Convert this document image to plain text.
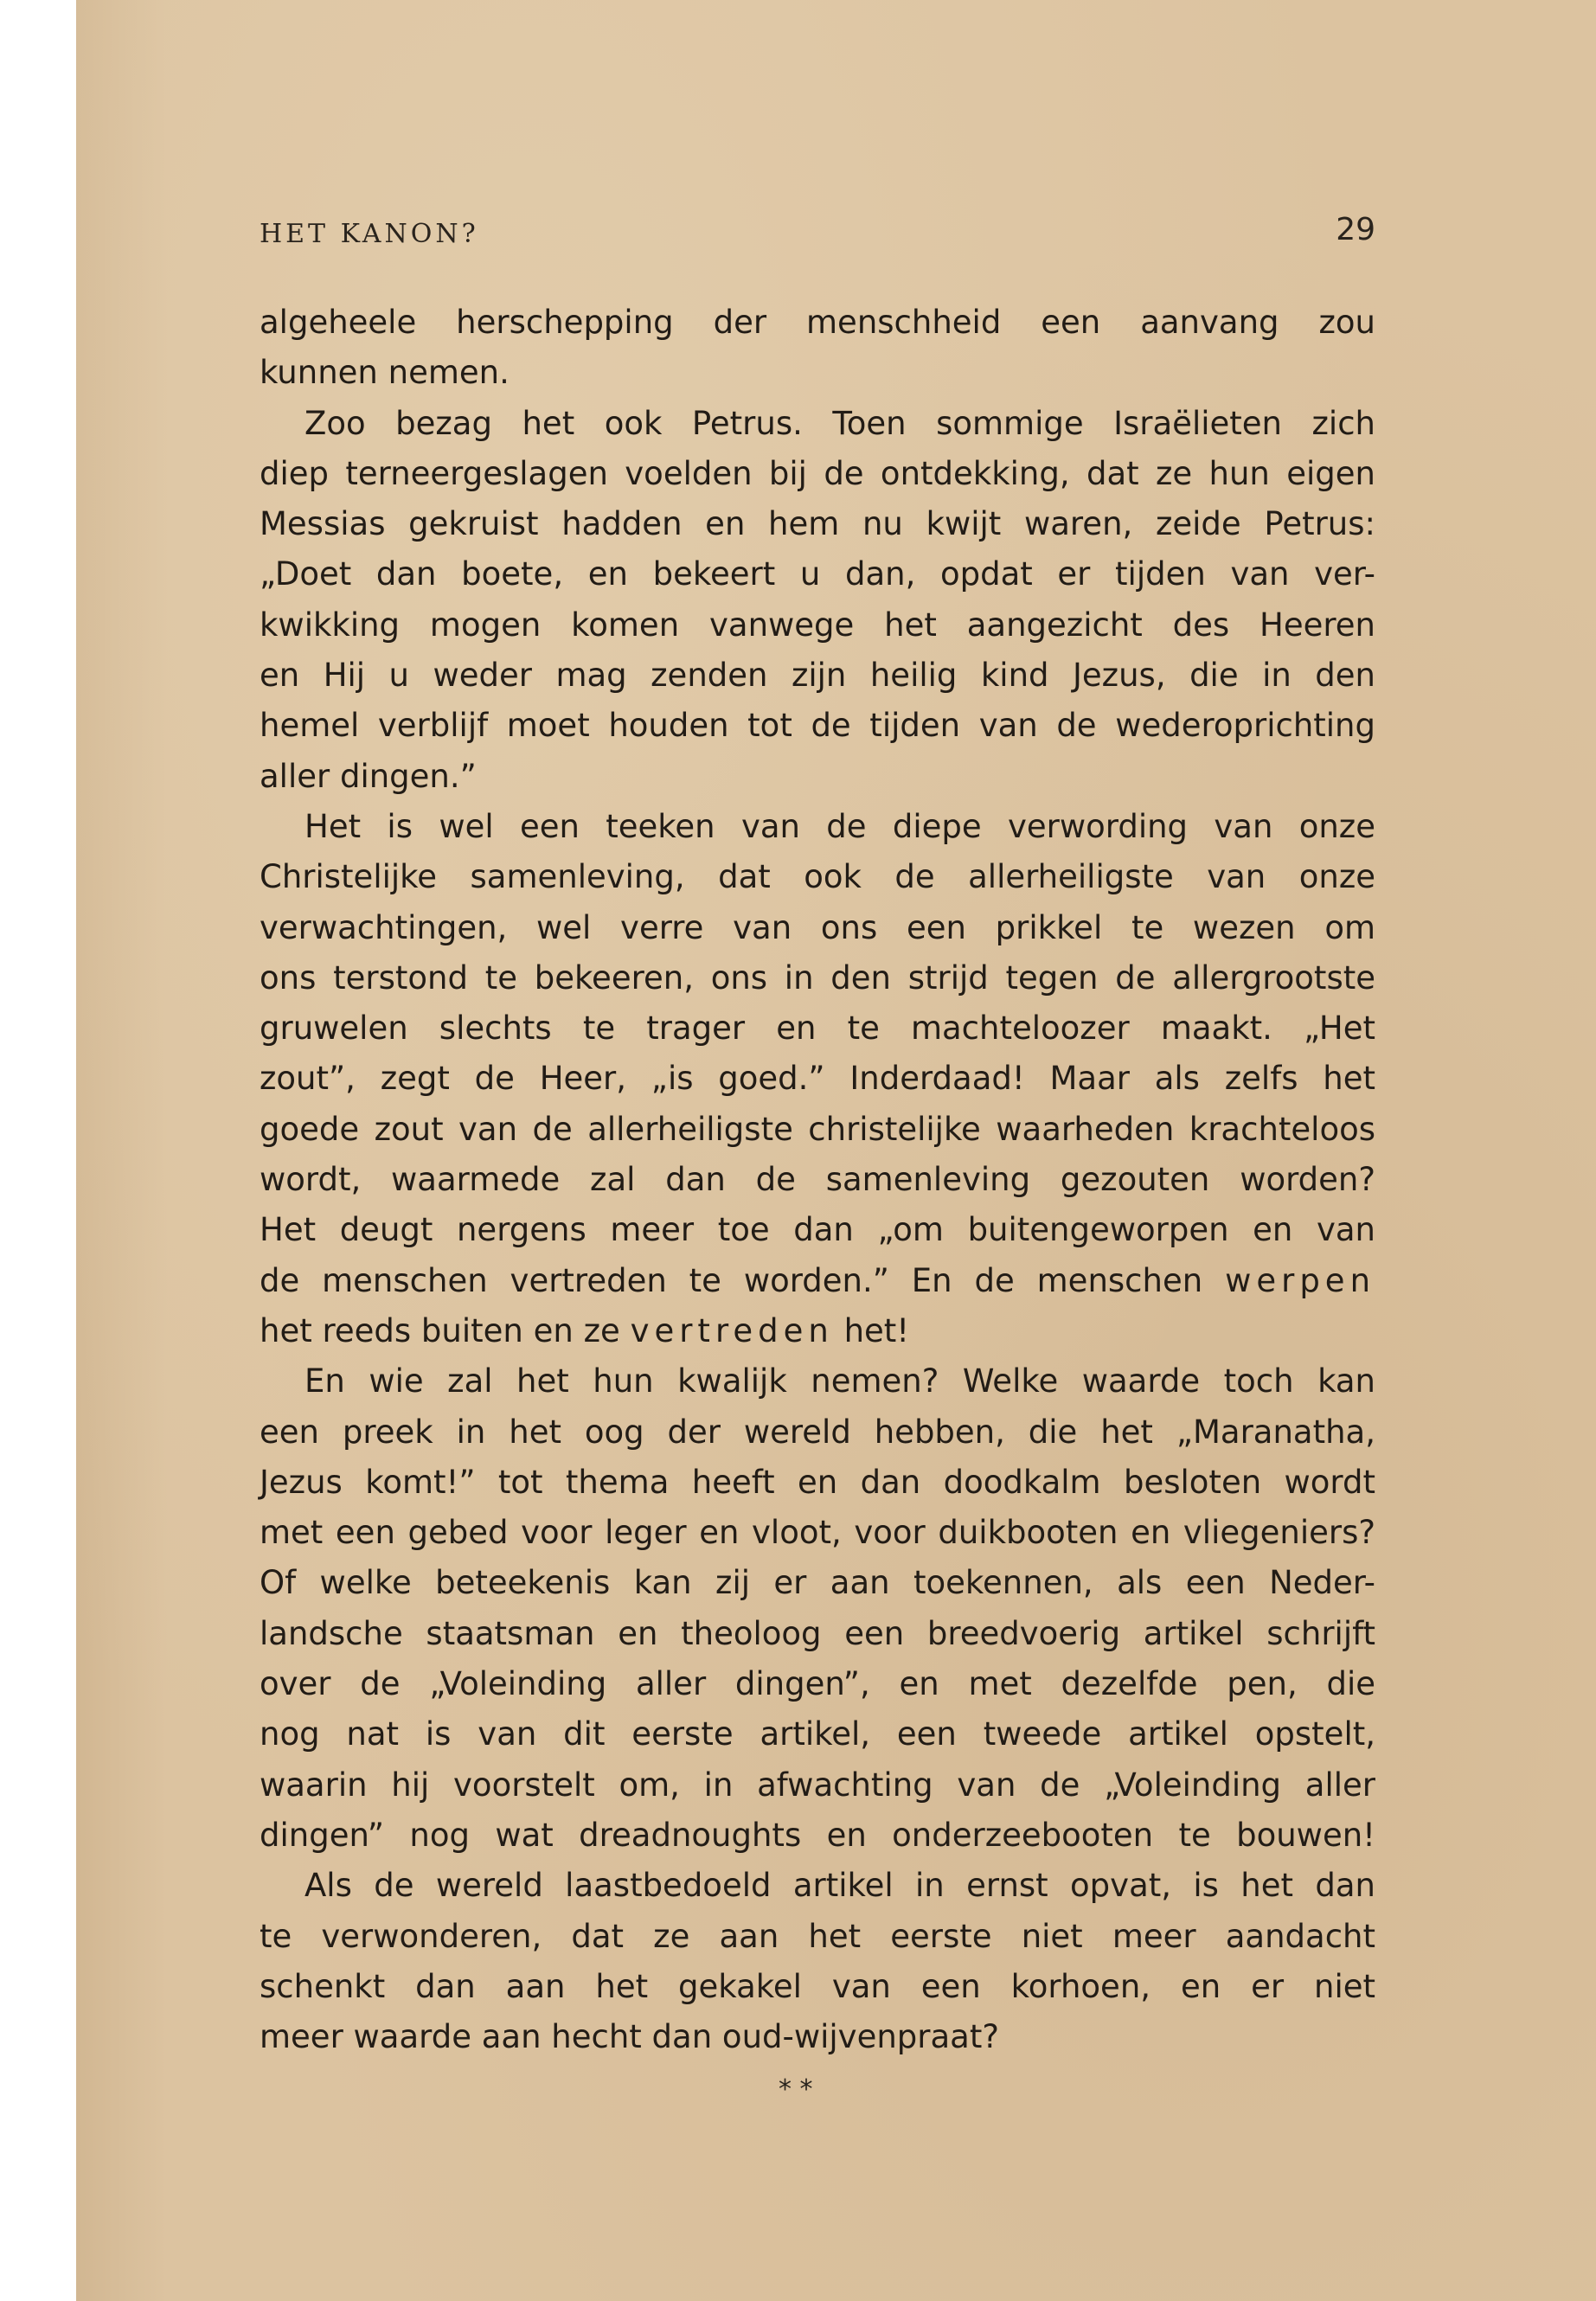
HET KANON?	29
algeheele herschepping der menschheid een aanvang zou
kunnen nemen.
Zoo bezag het ook Petrus. Toen sommige Israëlieten zich
diep terneergeslagen voelden bij de ontdekking, dat ze hun eigen
Messias gekruist hadden en hem nu kwijt waren, zeide Petrus:
„Doet dan boete, en bekeert u dan, opdat er tijden van ver-
kwikking mogen komen vanwege het aangezicht des Heeren
en Hij u weder mag zenden zijn heilig kind Jezus, die in den
hemel verblijf moet houden tot de tijden van de wederoprichting
aller dingen.”
Het is wel een teeken van de diepe verwording van onze
Christelijke samenleving, dat ook de allerheiligste van onze
verwachtingen, wel verre van ons een prikkel te wezen om
ons terstond te bekeeren, ons in den strijd tegen de allergrootste
gruwelen slechts te trager en te machteloozer maakt. „Het
zout”, zegt de Heer, „is goed.” Inderdaad! Maar als zelfs het
goede zout van de allerheiligste christelijke waarheden krachteloos
wordt, waarmede zal dan de samenleving gezouten worden?
Het deugt nergens meer toe dan „om buitengeworpen en van
de menschen vertreden te worden.” En de menschen werpen
het reeds buiten en ze vertreden het!
En wie zal het hun kwalijk nemen? Welke waarde toch kan
een preek in het oog der wereld hebben, die het „Maranatha,
Jezus komt!” tot thema heeft en dan doodkalm besloten wordt
met een gebed voor leger en vloot, voor duikbooten en vliegeniers?
Of welke beteekenis kan zij er aan toekennen, als een Neder-
landsche staatsman en theoloog een breedvoerig artikel schrijft
over de „Voleinding aller dingen”, en met dezelfde pen, die
nog nat is van dit eerste artikel, een tweede artikel opstelt,
waarin hij voorstelt om, in afwachting van de „Voleinding aller
dingen” nog wat dreadnoughts en onderzeebooten te bouwen!
Als de wereld laastbedoeld artikel in ernst opvat, is het dan
te verwonderen, dat ze aan het eerste niet meer aandacht
schenkt dan aan het gekakel van een korhoen, en er niet
meer waarde aan hecht dan oud-wijvenpraat?
* *
